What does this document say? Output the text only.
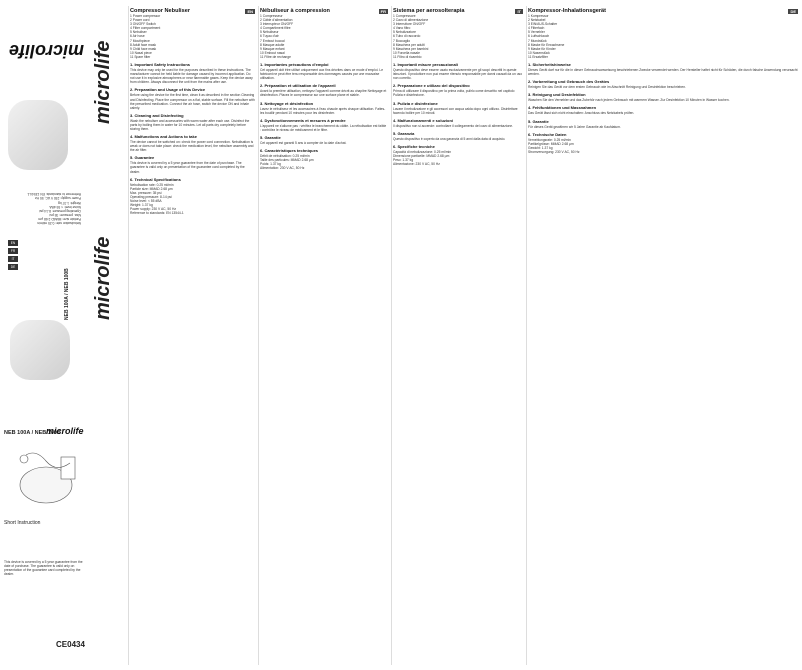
microlife
Nebulisation rate: 0.25 ml/min
Particle size: MMAD 2.68 µm
Max. pressure: 35 psi
Operating pressure: 8-14 psi
Noise level: < 55 dBA
Weight: 1.37 kg
Power supply: 230 V AC, 50 Hz
Reference to standards: EN 13544-1
EN
FR
IT
DE
NEB 100A / NEB 100B
NEB 100A / NEB 100B
microlife
Short Instruction
This device is covered by a 5 year guarantee from the date of purchase. The guarantee is valid only on presentation of the guarantee card completed by the dealer.
CE0434
microlife
microlife
Compressor Nebuliser	EN
1 Power compressor
2 Power cord
3 ON/OFF Switch
4 Filter compartment
5 Nebuliser
6 Air hose
7 Mouthpiece
8 Adult face mask
9 Child face mask
10 Nasal piece
11 Spare filter
1. Important Safety Instructions
This device may only be used for the purposes described in these instructions. The manufacturer cannot be held liable for damage caused by incorrect application. Do not use it in explosive atmospheres or near flammable gases. Keep the device away from children. Always disconnect the unit from the mains after use.
2. Preparation and Usage of this Device
Before using the device for the first time, clean it as described in the section Cleaning and Disinfecting. Place the compressor on a flat, stable surface. Fill the nebuliser with the prescribed medication. Connect the air hose, switch the device ON and inhale calmly.
3. Cleaning and Disinfecting
Wash the nebuliser and accessories with warm water after each use. Disinfect the parts by boiling them in water for 10 minutes. Let all parts dry completely before storing them.
4. Malfunctions and Actions to take
The device cannot be switched on: check the power cord connection. Nebulisation is weak or does not take place: check the medication level, the nebuliser assembly and the air filter.
5. Guarantee
This device is covered by a 5 year guarantee from the date of purchase. The guarantee is valid only on presentation of the guarantee card completed by the dealer.
6. Technical Specifications
Nebulisation rate: 0.25 ml/min
Particle size: MMAD 2.68 µm
Max. pressure: 35 psi
Operating pressure: 8-14 psi
Noise level: < 55 dBA
Weight: 1.37 kg
Power supply: 230 V AC, 50 Hz
Reference to standards: EN 13544-1
Nébuliseur à compression	FR
1 Compresseur
2 Câble d'alimentation
3 Interrupteur ON/OFF
4 Compartiment filtre
5 Nébuliseur
6 Tuyau d'air
7 Embout buccal
8 Masque adulte
9 Masque enfant
10 Embout nasal
11 Filtre de rechange
1. Importantes précautions d'emploi
Cet appareil doit être utilisé uniquement aux fins décrites dans ce mode d'emploi. Le fabricant ne peut être tenu responsable des dommages causés par une mauvaise utilisation.
2. Préparation et utilisation de l'appareil
Avant la première utilisation, nettoyez l'appareil comme décrit au chapitre Nettoyage et désinfection. Placez le compresseur sur une surface plane et stable.
3. Nettoyage et désinfection
Lavez le nébuliseur et les accessoires à l'eau chaude après chaque utilisation. Faites-les bouillir pendant 10 minutes pour les désinfecter.
4. Dysfonctionnements et mesures à prendre
L'appareil ne s'allume pas : vérifiez le branchement du câble. La nébulisation est faible : contrôlez le niveau de médicament et le filtre.
5. Garantie
Cet appareil est garanti 5 ans à compter de la date d'achat.
6. Caractéristiques techniques
Débit de nébulisation: 0.25 ml/min
Taille des particules: MMAD 2.68 µm
Poids: 1.37 kg
Alimentation: 230 V AC, 50 Hz
Sistema per aerosolterapia	IT
1 Compressore
2 Cavo di alimentazione
3 Interruttore ON/OFF
4 Vano filtro
5 Nebulizzatore
6 Tubo di raccordo
7 Boccaglio
8 Maschera per adulti
9 Maschera per bambini
10 Forcella nasale
11 Filtro di ricambio
1. Importanti misure precauzionali
Questo dispositivo deve essere usato esclusivamente per gli scopi descritti in queste istruzioni. Il produttore non può essere ritenuto responsabile per danni causati da un uso non corretto.
2. Preparazione e utilizzo del dispositivo
Prima di utilizzare il dispositivo per la prima volta, pulirlo come descritto nel capitolo Pulizia e disinfezione.
3. Pulizia e disinfezione
Lavare il nebulizzatore e gli accessori con acqua calda dopo ogni utilizzo. Disinfettare facendo bollire per 10 minuti.
4. Malfunzionamenti e soluzioni
Il dispositivo non si accende: controllare il collegamento del cavo di alimentazione.
5. Garanzia
Questo dispositivo è coperto da una garanzia di 5 anni dalla data di acquisto.
6. Specifiche tecniche
Capacità di nebulizzazione: 0.25 ml/min
Dimensione particelle: MMAD 2.68 µm
Peso: 1.37 kg
Alimentazione: 230 V AC, 50 Hz
Kompressor-Inhalationsgerät	DE
1 Kompressor
2 Netzkabel
3 EIN/AUS-Schalter
4 Filterfach
5 Vernebler
6 Luftschlauch
7 Mundstück
8 Maske für Erwachsene
9 Maske für Kinder
10 Nasenstück
11 Ersatzfilter
1. Sicherheitshinweise
Dieses Gerät darf nur für die in dieser Gebrauchsanweisung beschriebenen Zwecke verwendet werden. Der Hersteller haftet nicht für Schäden, die durch falsche Anwendung verursacht werden.
2. Vorbereitung und Gebrauch des Gerätes
Reinigen Sie das Gerät vor dem ersten Gebrauch wie im Abschnitt Reinigung und Desinfektion beschrieben.
3. Reinigung und Desinfektion
Waschen Sie den Vernebler und das Zubehör nach jedem Gebrauch mit warmem Wasser. Zur Desinfektion 10 Minuten in Wasser kochen.
4. Fehlfunktionen und Massnahmen
Das Gerät lässt sich nicht einschalten: Anschluss des Netzkabels prüfen.
5. Garantie
Für dieses Gerät gewähren wir 5 Jahre Garantie ab Kaufdatum.
6. Technische Daten
Verneblungsrate: 0.25 ml/min
Partikelgrösse: MMAD 2.68 µm
Gewicht: 1.37 kg
Stromversorgung: 230 V AC, 50 Hz
